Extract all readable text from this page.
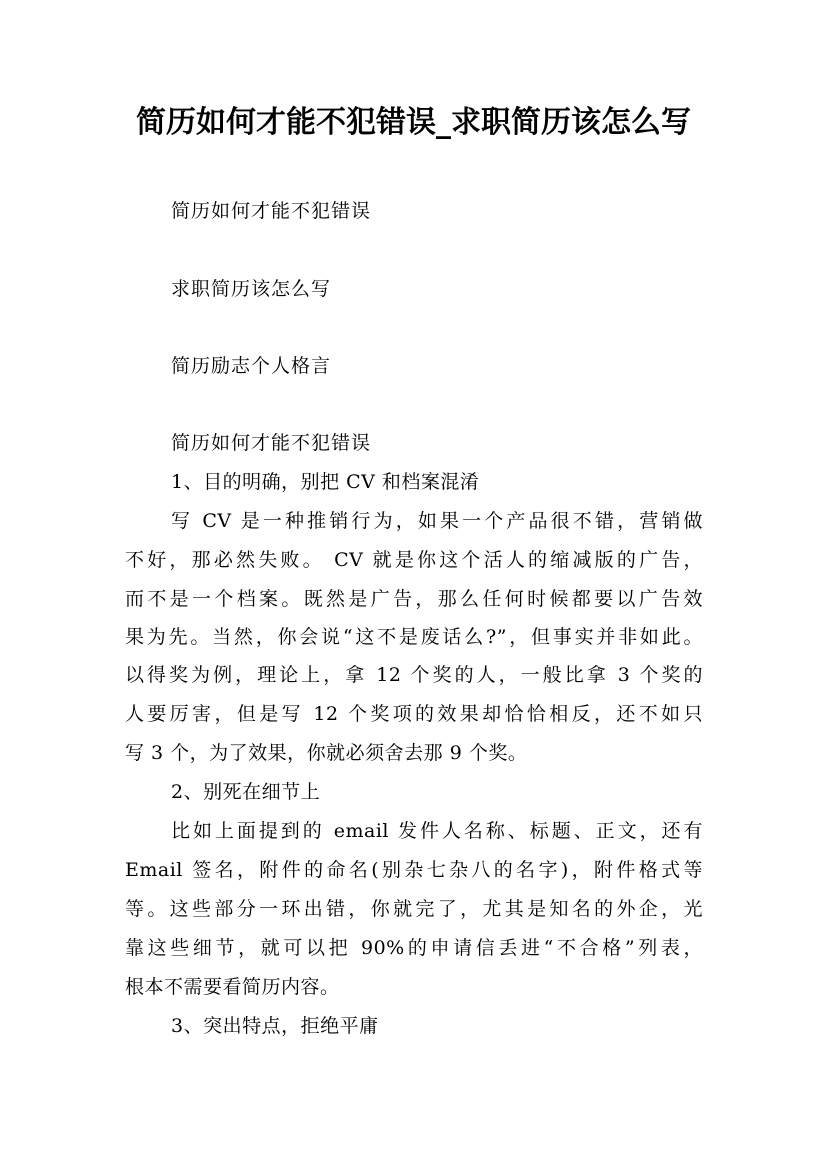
简历如何才能不犯错误_求职简历该怎么写
简历如何才能不犯错误
求职简历该怎么写
简历励志个人格言
简历如何才能不犯错误
1、目的明确，别把 CV 和档案混淆
写 CV 是一种推销行为，如果一个产品很不错，营销做
不好，那必然失败。 CV 就是你这个活人的缩减版的广告，
而不是一个档案。既然是广告，那么任何时候都要以广告效
果为先。当然，你会说“这不是废话么?”，但事实并非如此。
以得奖为例，理论上，拿 12 个奖的人，一般比拿 3 个奖的
人要厉害，但是写 12 个奖项的效果却恰恰相反，还不如只
写 3 个，为了效果，你就必须舍去那 9 个奖。
2、别死在细节上
比如上面提到的 email 发件人名称、标题、正文，还有
Email 签名，附件的命名(别杂七杂八的名字)，附件格式等
等。这些部分一环出错，你就完了，尤其是知名的外企，光
靠这些细节，就可以把 90%的申请信丢进“不合格”列表，
根本不需要看简历内容。
3、突出特点，拒绝平庸
